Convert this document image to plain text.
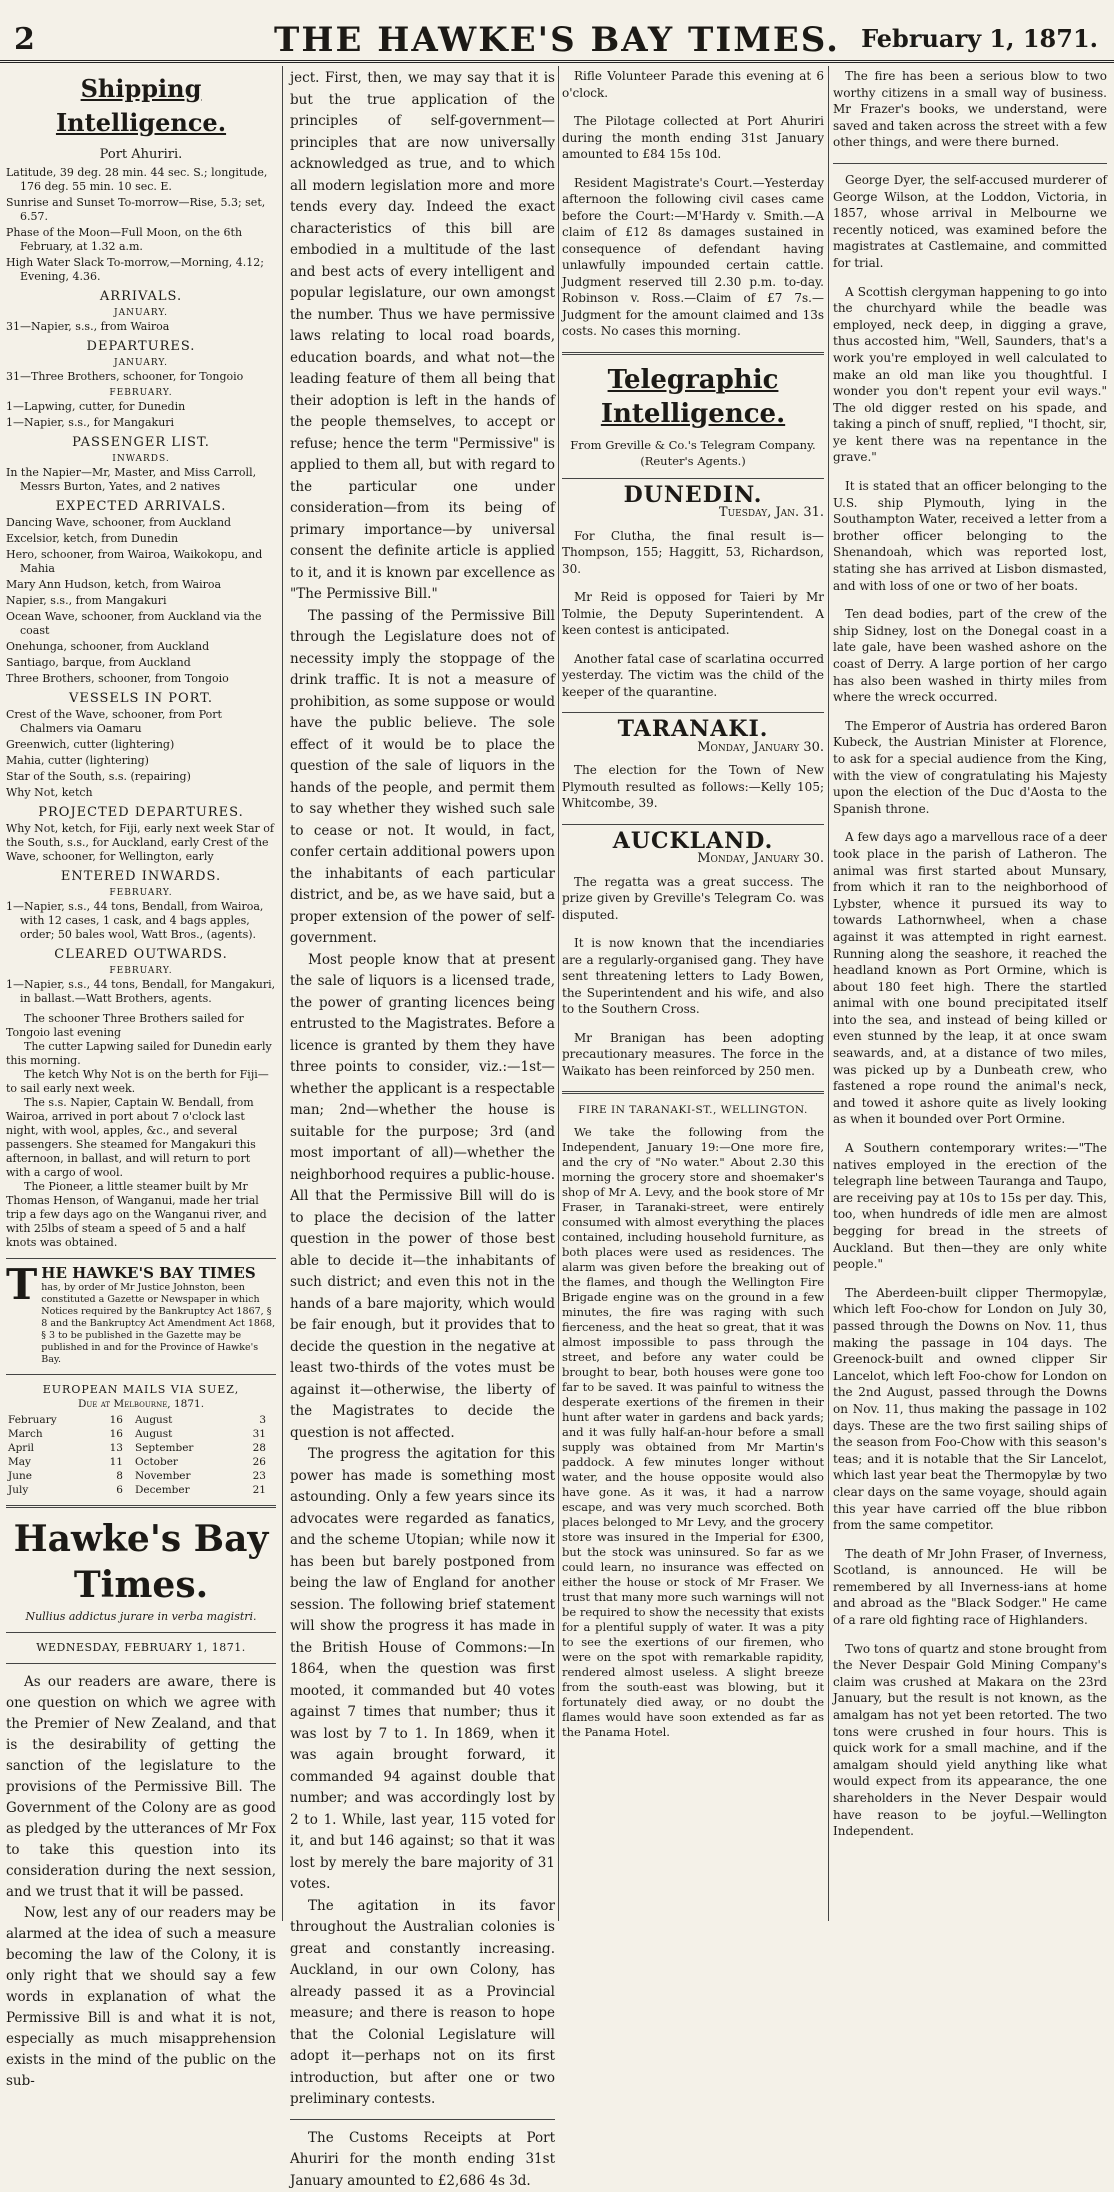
2	THE HAWKE'S BAY TIMES. February 1, 1871.
Shipping Intelligence.
Port Ahuriri.
Latitude, 39 deg. 28 min. 44 sec. S.; longitude, 176 deg. 55 min. 10 sec. E.
Sunrise and Sunset To-morrow—Rise, 5.3; set, 6.57.
Phase of the Moon—Full Moon, on the 6th February, at 1.32 a.m.
High Water Slack To-morrow,—Morning, 4.12; Evening, 4.36.
ARRIVALS.
JANUARY.
31—Napier, s.s., from Wairoa
DEPARTURES.
JANUARY.
31—Three Brothers, schooner, for Tongoio
FEBRUARY.
1—Lapwing, cutter, for Dunedin
1—Napier, s.s., for Mangakuri
PASSENGER LIST.
INWARDS.
In the Napier—Mr, Master, and Miss Carroll, Messrs Burton, Yates, and 2 natives
EXPECTED ARRIVALS.
Dancing Wave, schooner, from Auckland
Excelsior, ketch, from Dunedin
Hero, schooner, from Wairoa, Waikokopu, and Mahia
Mary Ann Hudson, ketch, from Wairoa
Napier, s.s., from Mangakuri
Ocean Wave, schooner, from Auckland via the coast
Onehunga, schooner, from Auckland
Santiago, barque, from Auckland
Three Brothers, schooner, from Tongoio
VESSELS IN PORT.
Crest of the Wave, schooner, from Port Chalmers via Oamaru
Greenwich, cutter (lightering)
Mahia, cutter (lightering)
Star of the South, s.s. (repairing)
Why Not, ketch
PROJECTED DEPARTURES.
Why Not, ketch, for Fiji, early next week Star of the South, s.s., for Auckland, early Crest of the Wave, schooner, for Wellington, early
ENTERED INWARDS.
FEBRUARY.
1—Napier, s.s., 44 tons, Bendall, from Wairoa, with 12 cases, 1 cask, and 4 bags apples, order; 50 bales wool, Watt Bros., (agents).
CLEARED OUTWARDS.
FEBRUARY.
1—Napier, s.s., 44 tons, Bendall, for Mangakuri, in ballast.—Watt Brothers, agents.

The schooner Three Brothers sailed for Tongoio last evening

The cutter Lapwing sailed for Dunedin early this morning.

The ketch Why Not is on the berth for Fiji—to sail early next week.

The s.s. Napier, Captain W. Bendall, from Wairoa, arrived in port about 7 o'clock last night, with wool, apples, &c., and several passengers. She steamed for Mangakuri this afternoon, in ballast, and will return to port with a cargo of wool.

The Pioneer, a little steamer built by Mr Thomas Henson, of Wanganui, made her trial trip a few days ago on the Wanganui river, and with 25lbs of steam a speed of 5 and a half knots was obtained.

T HE HAWKE'S BAY TIMES
has, by order of Mr Justice Johnston, been constituted a Gazette or Newspaper in which Notices required by the Bankruptcy Act 1867, § 8 and the Bankruptcy Act Amendment Act 1868, § 3 to be published in the Gazette may be published in and for the Province of Hawke's Bay.
EUROPEAN MAILS VIA SUEZ,
Due at Melbourne, 1871.
February	16	August	3
March	16	August	31
April	13	September	28
May	11	October	26
June	8	November	23
July	6	December	21
Hawke's Bay Times.
Nullius addictus jurare in verba magistri.
WEDNESDAY, FEBRUARY 1, 1871.

As our readers are aware, there is one question on which we agree with the Premier of New Zealand, and that is the desirability of getting the sanction of the legislature to the provisions of the Permissive Bill. The Government of the Colony are as good as pledged by the utterances of Mr Fox to take this question into its consideration during the next session, and we trust that it will be passed.

Now, lest any of our readers may be alarmed at the idea of such a measure becoming the law of the Colony, it is only right that we should say a few words in explanation of what the Permissive Bill is and what it is not, especially as much misapprehension exists in the mind of the public on the sub-

ject. First, then, we may say that it is but the true application of the principles of self-government—principles that are now universally acknowledged as true, and to which all modern legislation more and more tends every day. Indeed the exact characteristics of this bill are embodied in a multitude of the last and best acts of every intelligent and popular legislature, our own amongst the number. Thus we have permissive laws relating to local road boards, education boards, and what not—the leading feature of them all being that their adoption is left in the hands of the people themselves, to accept or refuse; hence the term "Permissive" is applied to them all, but with regard to the particular one under consideration—from its being of primary importance—by universal consent the definite article is applied to it, and it is known par excellence as "The Permissive Bill."

The passing of the Permissive Bill through the Legislature does not of necessity imply the stoppage of the drink traffic. It is not a measure of prohibition, as some suppose or would have the public believe. The sole effect of it would be to place the question of the sale of liquors in the hands of the people, and permit them to say whether they wished such sale to cease or not. It would, in fact, confer certain additional powers upon the inhabitants of each particular district, and be, as we have said, but a proper extension of the power of self-government.

Most people know that at present the sale of liquors is a licensed trade, the power of granting licences being entrusted to the Magistrates. Before a licence is granted by them they have three points to consider, viz.:—1st—whether the applicant is a respectable man; 2nd—whether the house is suitable for the purpose; 3rd (and most important of all)—whether the neighborhood requires a public-house. All that the Permissive Bill will do is to place the decision of the latter question in the power of those best able to decide it—the inhabitants of such district; and even this not in the hands of a bare majority, which would be fair enough, but it provides that to decide the question in the negative at least two-thirds of the votes must be against it—otherwise, the liberty of the Magistrates to decide the question is not affected.

The progress the agitation for this power has made is something most astounding. Only a few years since its advocates were regarded as fanatics, and the scheme Utopian; while now it has been but barely postponed from being the law of England for another session. The following brief statement will show the progress it has made in the British House of Commons:—In 1864, when the question was first mooted, it commanded but 40 votes against 7 times that number; thus it was lost by 7 to 1. In 1869, when it was again brought forward, it commanded 94 against double that number; and was accordingly lost by 2 to 1. While, last year, 115 voted for it, and but 146 against; so that it was lost by merely the bare majority of 31 votes.

The agitation in its favor throughout the Australian colonies is great and constantly increasing. Auckland, in our own Colony, has already passed it as a Provincial measure; and there is reason to hope that the Colonial Legislature will adopt it—perhaps not on its first introduction, but after one or two preliminary contests.

The Customs Receipts at Port Ahuriri for the month ending 31st January amounted to £2,686 4s 3d.

Rifle Volunteer Parade this evening at 6 o'clock.

The Pilotage collected at Port Ahuriri during the month ending 31st January amounted to £84 15s 10d.

Resident Magistrate's Court.—Yesterday afternoon the following civil cases came before the Court:—M'Hardy v. Smith.—A claim of £12 8s damages sustained in consequence of defendant having unlawfully impounded certain cattle. Judgment reserved till 2.30 p.m. to-day. Robinson v. Ross.—Claim of £7 7s.—Judgment for the amount claimed and 13s costs. No cases this morning.

Telegraphic Intelligence.
From Greville & Co.'s Telegram Company. (Reuter's Agents.)
DUNEDIN.
Tuesday, Jan. 31.

For Clutha, the final result is—Thompson, 155; Haggitt, 53, Richardson, 30.

Mr Reid is opposed for Taieri by Mr Tolmie, the Deputy Superintendent. A keen contest is anticipated.

Another fatal case of scarlatina occurred yesterday. The victim was the child of the keeper of the quarantine.

TARANAKI.
Monday, January 30.

The election for the Town of New Plymouth resulted as follows:—Kelly 105; Whitcombe, 39.

AUCKLAND.
Monday, January 30.

The regatta was a great success. The prize given by Greville's Telegram Co. was disputed.

It is now known that the incendiaries are a regularly-organised gang. They have sent threatening letters to Lady Bowen, the Superintendent and his wife, and also to the Southern Cross.

Mr Branigan has been adopting precautionary measures. The force in the Waikato has been reinforced by 250 men.

FIRE IN TARANAKI-ST., WELLINGTON.

We take the following from the Independent, January 19:—One more fire, and the cry of "No water." About 2.30 this morning the grocery store and shoemaker's shop of Mr A. Levy, and the book store of Mr Fraser, in Taranaki-street, were entirely consumed with almost everything the places contained, including household furniture, as both places were used as residences. The alarm was given before the breaking out of the flames, and though the Wellington Fire Brigade engine was on the ground in a few minutes, the fire was raging with such fierceness, and the heat so great, that it was almost impossible to pass through the street, and before any water could be brought to bear, both houses were gone too far to be saved. It was painful to witness the desperate exertions of the firemen in their hunt after water in gardens and back yards; and it was fully half-an-hour before a small supply was obtained from Mr Martin's paddock. A few minutes longer without water, and the house opposite would also have gone. As it was, it had a narrow escape, and was very much scorched. Both places belonged to Mr Levy, and the grocery store was insured in the Imperial for £300, but the stock was uninsured. So far as we could learn, no insurance was effected on either the house or stock of Mr Fraser. We trust that many more such warnings will not be required to show the necessity that exists for a plentiful supply of water. It was a pity to see the exertions of our firemen, who were on the spot with remarkable rapidity, rendered almost useless. A slight breeze from the south-east was blowing, but it fortunately died away, or no doubt the flames would have soon extended as far as the Panama Hotel.

The fire has been a serious blow to two worthy citizens in a small way of business. Mr Frazer's books, we understand, were saved and taken across the street with a few other things, and were there burned.

George Dyer, the self-accused murderer of George Wilson, at the Loddon, Victoria, in 1857, whose arrival in Melbourne we recently noticed, was examined before the magistrates at Castlemaine, and committed for trial.

A Scottish clergyman happening to go into the churchyard while the beadle was employed, neck deep, in digging a grave, thus accosted him, "Well, Saunders, that's a work you're employed in well calculated to make an old man like you thoughtful. I wonder you don't repent your evil ways." The old digger rested on his spade, and taking a pinch of snuff, replied, "I thocht, sir, ye kent there was na repentance in the grave."

It is stated that an officer belonging to the U.S. ship Plymouth, lying in the Southampton Water, received a letter from a brother officer belonging to the Shenandoah, which was reported lost, stating she has arrived at Lisbon dismasted, and with loss of one or two of her boats.

Ten dead bodies, part of the crew of the ship Sidney, lost on the Donegal coast in a late gale, have been washed ashore on the coast of Derry. A large portion of her cargo has also been washed in thirty miles from where the wreck occurred.

The Emperor of Austria has ordered Baron Kubeck, the Austrian Minister at Florence, to ask for a special audience from the King, with the view of congratulating his Majesty upon the election of the Duc d'Aosta to the Spanish throne.

A few days ago a marvellous race of a deer took place in the parish of Latheron. The animal was first started about Munsary, from which it ran to the neighborhood of Lybster, whence it pursued its way to towards Lathornwheel, when a chase against it was attempted in right earnest. Running along the seashore, it reached the headland known as Port Ormine, which is about 180 feet high. There the startled animal with one bound precipitated itself into the sea, and instead of being killed or even stunned by the leap, it at once swam seawards, and, at a distance of two miles, was picked up by a Dunbeath crew, who fastened a rope round the animal's neck, and towed it ashore quite as lively looking as when it bounded over Port Ormine.

A Southern contemporary writes:—"The natives employed in the erection of the telegraph line between Tauranga and Taupo, are receiving pay at 10s to 15s per day. This, too, when hundreds of idle men are almost begging for bread in the streets of Auckland. But then—they are only white people."

The Aberdeen-built clipper Thermopylæ, which left Foo-chow for London on July 30, passed through the Downs on Nov. 11, thus making the passage in 104 days. The Greenock-built and owned clipper Sir Lancelot, which left Foo-chow for London on the 2nd August, passed through the Downs on Nov. 11, thus making the passage in 102 days. These are the two first sailing ships of the season from Foo-Chow with this season's teas; and it is notable that the Sir Lancelot, which last year beat the Thermopylæ by two clear days on the same voyage, should again this year have carried off the blue ribbon from the same competitor.

The death of Mr John Fraser, of Inverness, Scotland, is announced. He will be remembered by all Inverness-ians at home and abroad as the "Black Sodger." He came of a rare old fighting race of Highlanders.

Two tons of quartz and stone brought from the Never Despair Gold Mining Company's claim was crushed at Makara on the 23rd January, but the result is not known, as the amalgam has not yet been retorted. The two tons were crushed in four hours. This is quick work for a small machine, and if the amalgam should yield anything like what would expect from its appearance, the one shareholders in the Never Despair would have reason to be joyful.—Wellington Independent.
